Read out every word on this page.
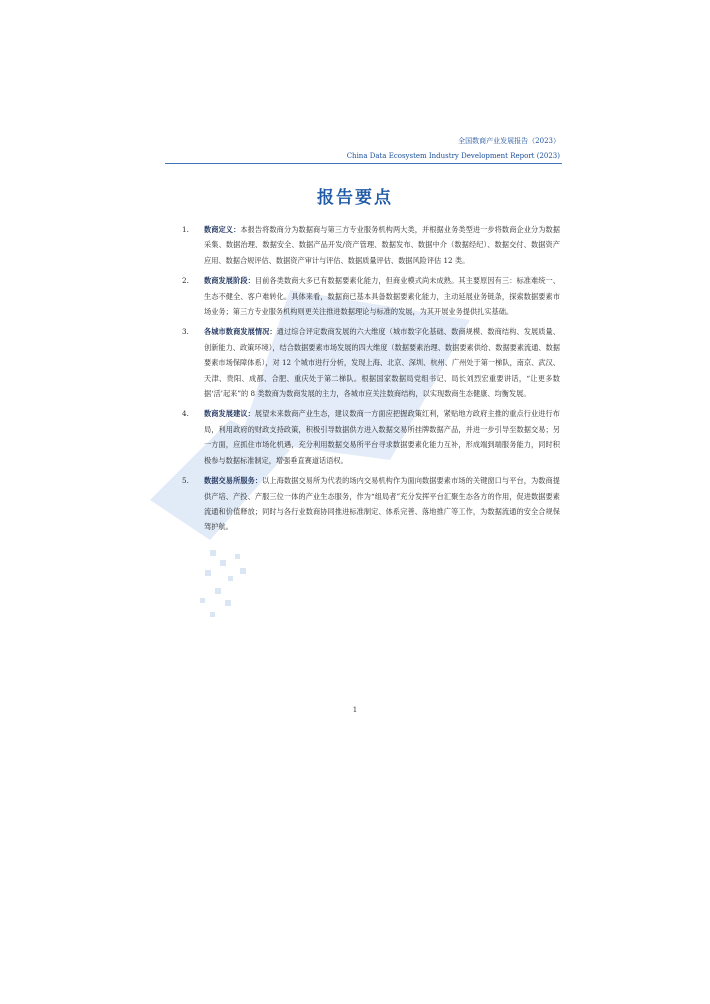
全国数商产业发展报告（2023）
China Data Ecosystem Industry Development Report (2023)
报告要点
1. 数商定义：本报告将数商分为数据商与第三方专业服务机构两大类，并根据业务类型进一步将数商企业分为数据采集、数据治理、数据安全、数据产品开发/资产管理、数据发布、数据中介（数据经纪）、数据交付、数据资产应用、数据合规评估、数据资产审计与评估、数据质量评估、数据风险评估 12 类。
2. 数商发展阶段：目前各类数商大多已有数据要素化能力，但商业模式尚未成熟。其主要原因有三：标准难统一、生态不健全、客户难转化。具体来看，数据商已基本具备数据要素化能力，主动延展业务链条，探索数据要素市场业务；第三方专业服务机构则更关注推进数据理论与标准的发展，为其开展业务提供扎实基础。
3. 各城市数商发展情况：通过综合评定数商发展的六大维度（城市数字化基础、数商规模、数商结构、发展质量、创新能力、政策环境），结合数据要素市场发展的四大维度（数据要素治理、数据要素供给、数据要素流通、数据要素市场保障体系），对 12 个城市进行分析，发现上海、北京、深圳、杭州、广州处于第一梯队，南京、武汉、天津、贵阳、成都、合肥、重庆处于第二梯队。根据国家数据局党组书记、局长刘烈宏重要讲话，“让更多数据‘活’起来”的 8 类数商为数商发展的主力，各城市应关注数商结构，以实现数商生态健康、均衡发展。
4. 数商发展建议：展望未来数商产业生态，建议数商一方面应把握政策红利，紧贴地方政府主推的重点行业进行布局，利用政府的财政支持政策，积极引导数据供方进入数据交易所挂牌数据产品，并进一步引导至数据交易；另一方面，应抓住市场化机遇，充分利用数据交易所平台寻求数据要素化能力互补，形成端到端服务能力，同时积极参与数据标准制定，增强垂直赛道话语权。
5. 数据交易所服务：以上海数据交易所为代表的场内交易机构作为面向数据要素市场的关键窗口与平台，为数商提供产培、产投、产服三位一体的产业生态服务，作为“组局者”充分发挥平台汇聚生态各方的作用，促进数据要素流通和价值释放；同时与各行业数商协同推进标准制定、体系完善、落地推广等工作，为数据流通的安全合规保驾护航。
1
